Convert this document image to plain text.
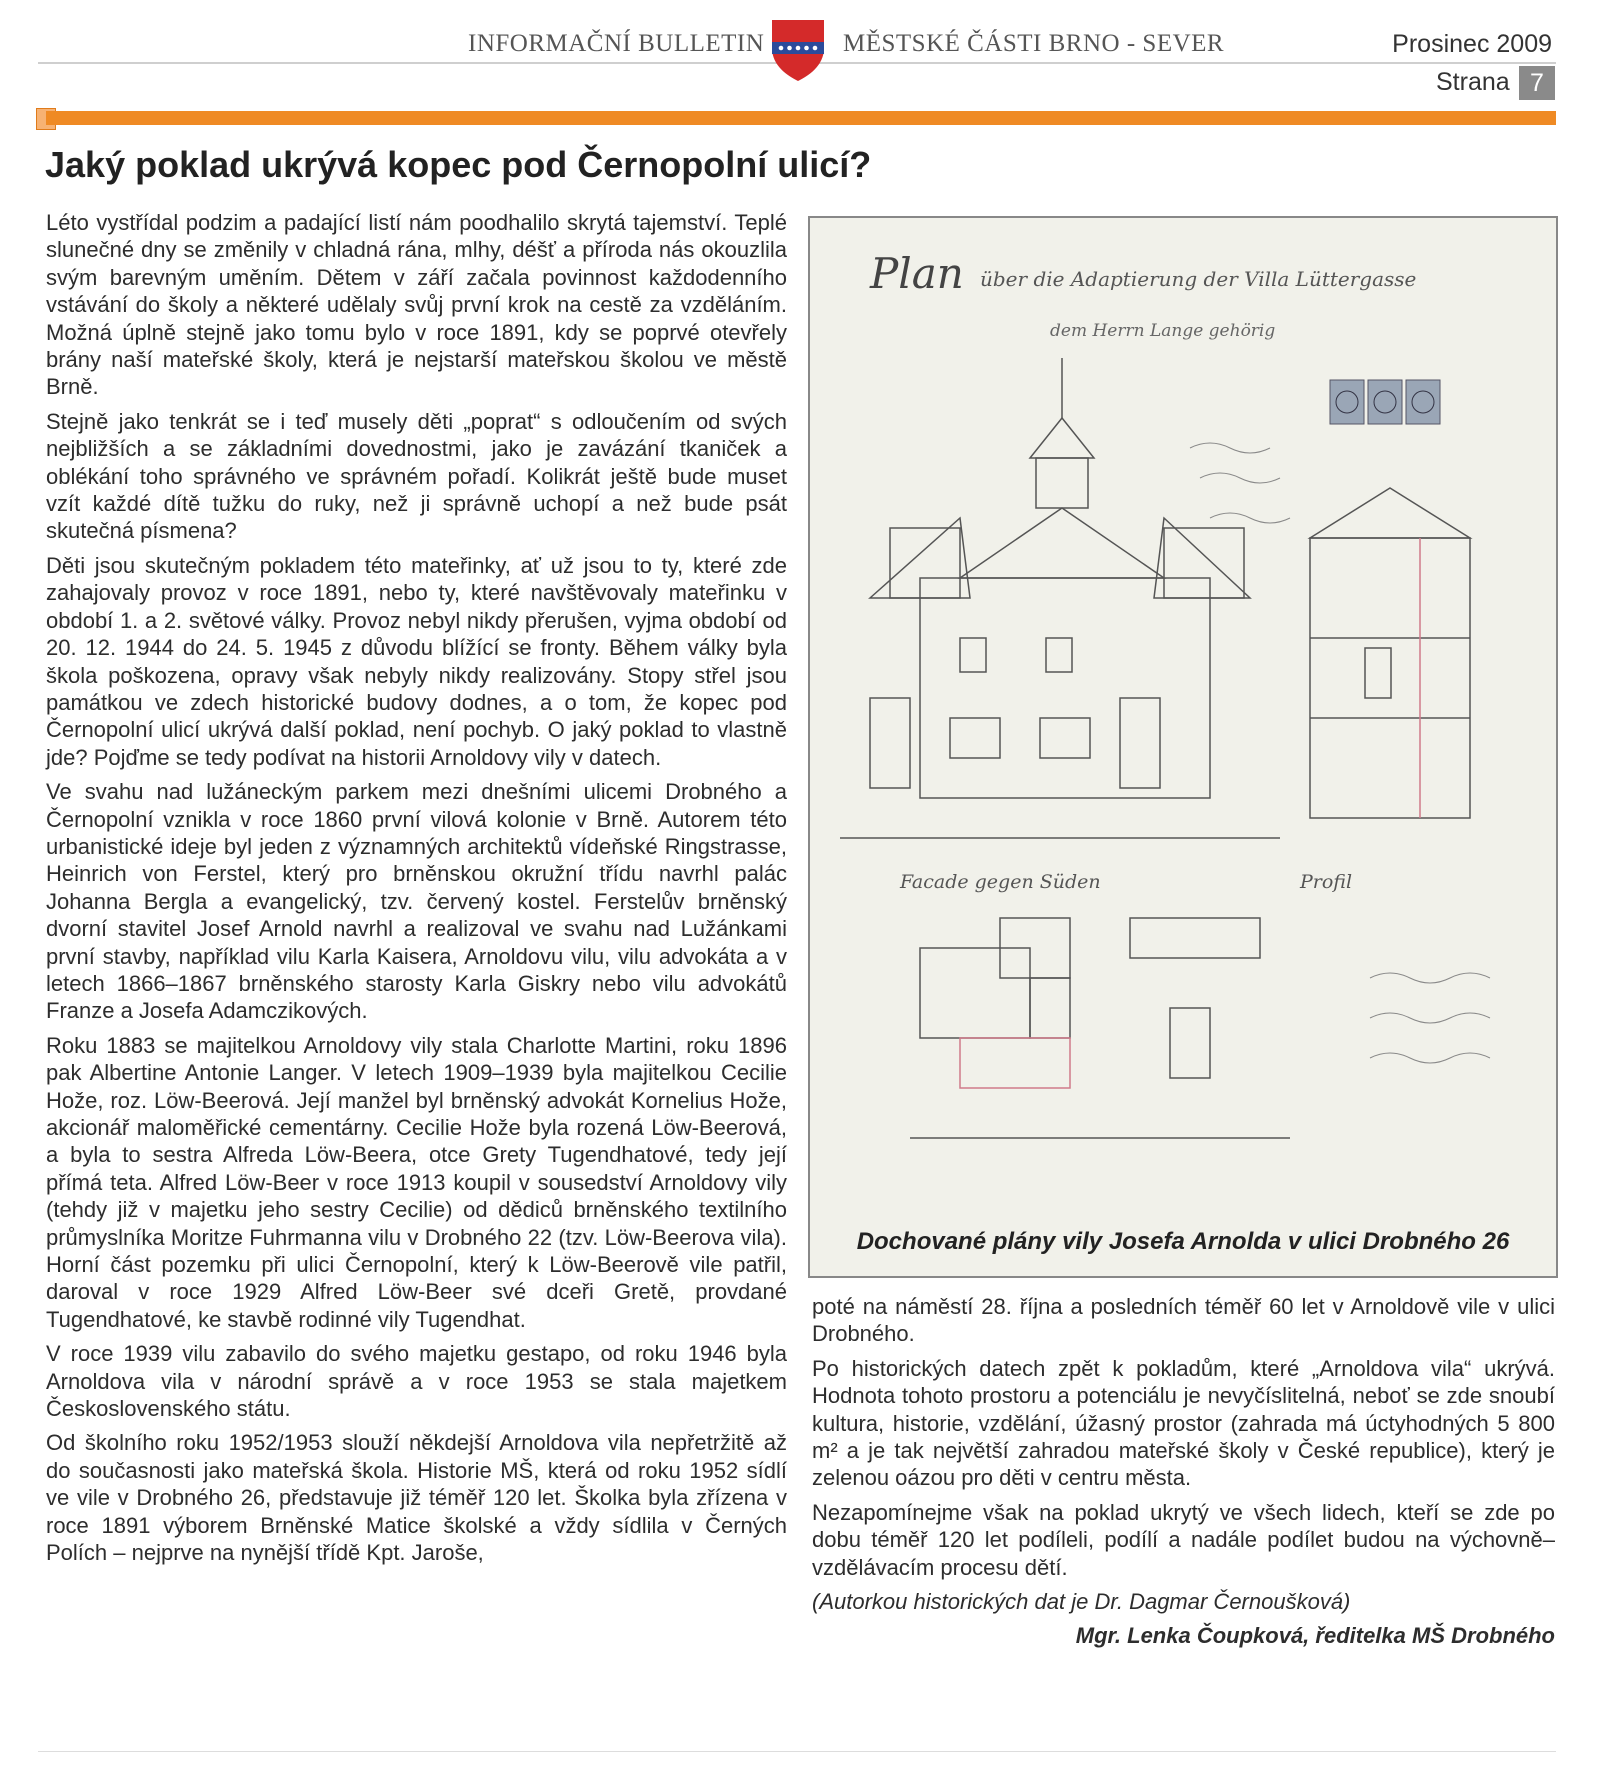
INFORMAČNÍ BULLETIN	MĚSTSKÉ ČÁSTI BRNO - SEVER	Prosinec 2009
Strana 7
Jaký poklad ukrývá kopec pod Černopolní ulicí?

Léto vystřídal podzim a padající listí nám poodhalilo skrytá tajemství. Teplé slunečné dny se změnily v chladná rána, mlhy, déšť a příroda nás okouzlila svým barevným uměním. Dětem v září začala povinnost každodenního vstávání do školy a některé udělaly svůj první krok na cestě za vzděláním. Možná úplně stejně jako tomu bylo v roce 1891, kdy se poprvé otevřely brány naší mateřské školy, která je nejstarší mateřskou školou ve městě Brně.

Stejně jako tenkrát se i teď musely děti „poprat“ s odloučením od svých nejbližších a se základními dovednostmi, jako je zavázání tkaniček a oblékání toho správného ve správném pořadí. Kolikrát ještě bude muset vzít každé dítě tužku do ruky, než ji správně uchopí a než bude psát skutečná písmena?

Děti jsou skutečným pokladem této mateřinky, ať už jsou to ty, které zde zahajovaly provoz v roce 1891, nebo ty, které navštěvovaly mateřinku v období 1. a 2. světové války. Provoz nebyl nikdy přerušen, vyjma období od 20. 12. 1944 do 24. 5. 1945 z důvodu blížící se fronty. Během války byla škola poškozena, opravy však nebyly nikdy realizovány. Stopy střel jsou památkou ve zdech historické budovy dodnes, a o tom, že kopec pod Černopolní ulicí ukrývá další poklad, není pochyb. O jaký poklad to vlastně jde? Pojďme se tedy podívat na historii Arnoldovy vily v datech.

Ve svahu nad lužáneckým parkem mezi dnešními ulicemi Drobného a Černopolní vznikla v roce 1860 první vilová kolonie v Brně. Autorem této urbanistické ideje byl jeden z významných architektů vídeňské Ringstrasse, Heinrich von Ferstel, který pro brněnskou okružní třídu navrhl palác Johanna Bergla a evangelický, tzv. červený kostel. Ferstelův brněnský dvorní stavitel Josef Arnold navrhl a realizoval ve svahu nad Lužánkami první stavby, například vilu Karla Kaisera, Arnoldovu vilu, vilu advokáta a v letech 1866–1867 brněnského starosty Karla Giskry nebo vilu advokátů Franze a Josefa Adamczikových.

Roku 1883 se majitelkou Arnoldovy vily stala Charlotte Martini, roku 1896 pak Albertine Antonie Langer. V letech 1909–1939 byla majitelkou Cecilie Hože, roz. Löw-Beerová. Její manžel byl brněnský advokát Kornelius Hože, akcionář maloměřické cementárny. Cecilie Hože byla rozená Löw-Beerová, a byla to sestra Alfreda Löw-Beera, otce Grety Tugendhatové, tedy její přímá teta. Alfred Löw-Beer v roce 1913 koupil v sousedství Arnoldovy vily (tehdy již v majetku jeho sestry Cecilie) od dědiců brněnského textilního průmyslníka Moritze Fuhrmanna vilu v Drobného 22 (tzv. Löw-Beerova vila). Horní část pozemku při ulici Černopolní, který k Löw-Beerově vile patřil, daroval v roce 1929 Alfred Löw-Beer své dceři Gretě, provdané Tugendhatové, ke stavbě rodinné vily Tugendhat.

V roce 1939 vilu zabavilo do svého majetku gestapo, od roku 1946 byla Arnoldova vila v národní správě a v roce 1953 se stala majetkem Československého státu.

Od školního roku 1952/1953 slouží někdejší Arnoldova vila nepřetržitě až do současnosti jako mateřská škola. Historie MŠ, která od roku 1952 sídlí ve vile v Drobného 26, představuje již téměř 120 let. Školka byla zřízena v roce 1891 výborem Brněnské Matice školské a vždy sídlila v Černých Polích – nejprve na nynější třídě Kpt. Jaroše,

Plan über die Adaptierung der Villa Lüttergasse
dem Herrn Lange gehörig
Facade gegen Süden	Profil
Dochované plány vily Josefa Arnolda v ulici Drobného 26

poté na náměstí 28. října a posledních téměř 60 let v Arnoldově vile v ulici Drobného.

Po historických datech zpět k pokladům, které „Arnoldova vila“ ukrývá. Hodnota tohoto prostoru a potenciálu je nevyčíslitelná, neboť se zde snoubí kultura, historie, vzdělání, úžasný prostor (zahrada má úctyhodných 5 800 m² a je tak největší zahradou mateřské školy v České republice), který je zelenou oázou pro děti v centru města.

Nezapomínejme však na poklad ukrytý ve všech lidech, kteří se zde po dobu téměř 120 let podíleli, podílí a nadále podílet budou na výchovně–vzdělávacím procesu dětí.

(Autorkou historických dat je Dr. Dagmar Černoušková)

Mgr. Lenka Čoupková, ředitelka MŠ Drobného
